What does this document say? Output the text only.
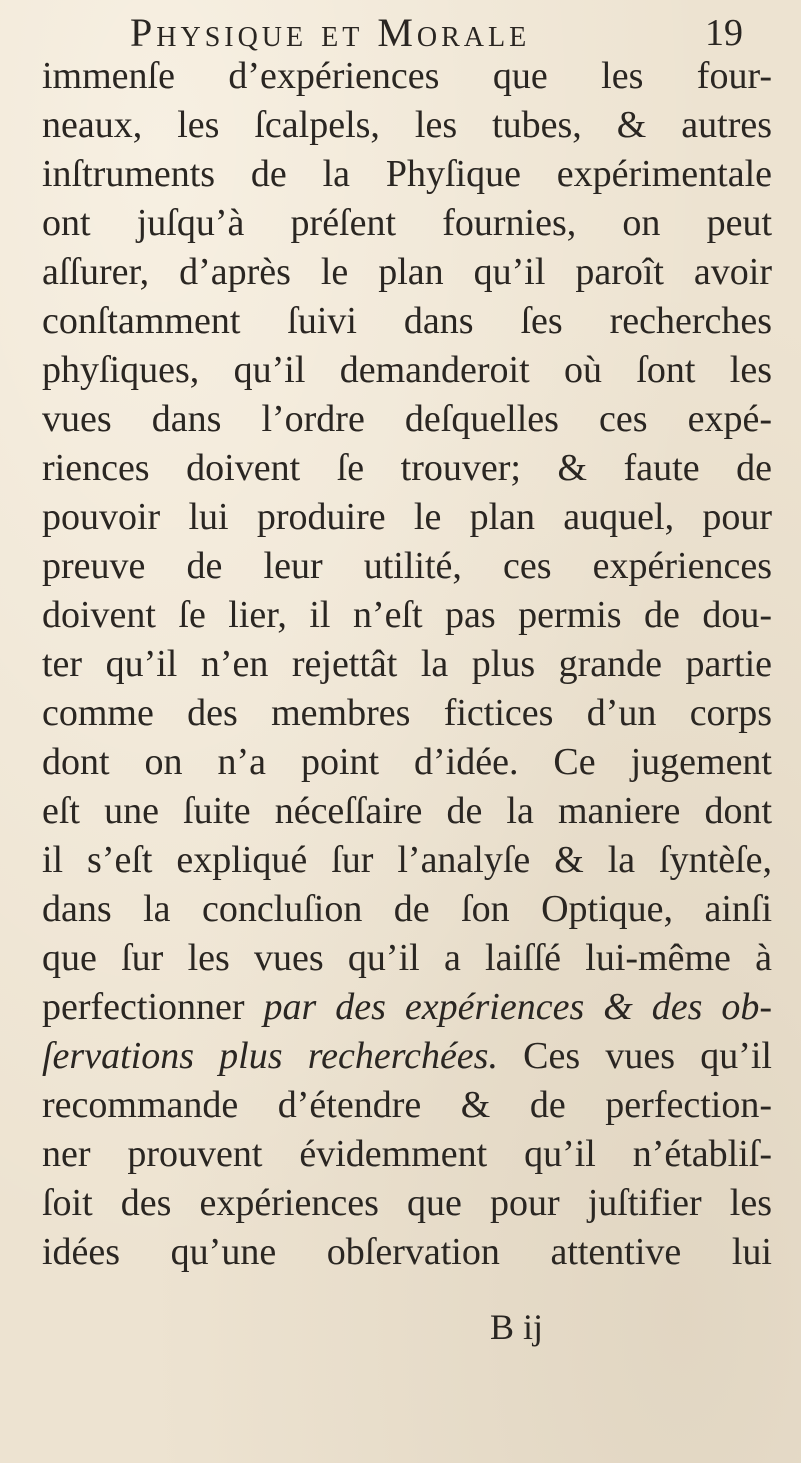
Physique et Morale	19
immenſe d’expériences que les four-
neaux, les ſcalpels, les tubes, & autres
inſtruments de la Phyſique expérimentale
ont juſqu’à préſent fournies, on peut
aſſurer, d’après le plan qu’il paroît avoir
conſtamment ſuivi dans ſes recherches
phyſiques, qu’il demanderoit où ſont les
vues dans l’ordre deſquelles ces expé-
riences doivent ſe trouver; & faute de
pouvoir lui produire le plan auquel, pour
preuve de leur utilité, ces expériences
doivent ſe lier, il n’eſt pas permis de dou-
ter qu’il n’en rejettât la plus grande partie
comme des membres fictices d’un corps
dont on n’a point d’idée. Ce jugement
eſt une ſuite néceſſaire de la maniere dont
il s’eſt expliqué ſur l’analyſe & la ſyntèſe,
dans la concluſion de ſon Optique, ainſi
que ſur les vues qu’il a laiſſé lui-même à
perfectionner par des expériences & des ob-
ſervations plus recherchées. Ces vues qu’il
recommande d’étendre & de perfection-
ner prouvent évidemment qu’il n’établiſ-
ſoit des expériences que pour juſtifier les
idées qu’une obſervation attentive lui
B ij
